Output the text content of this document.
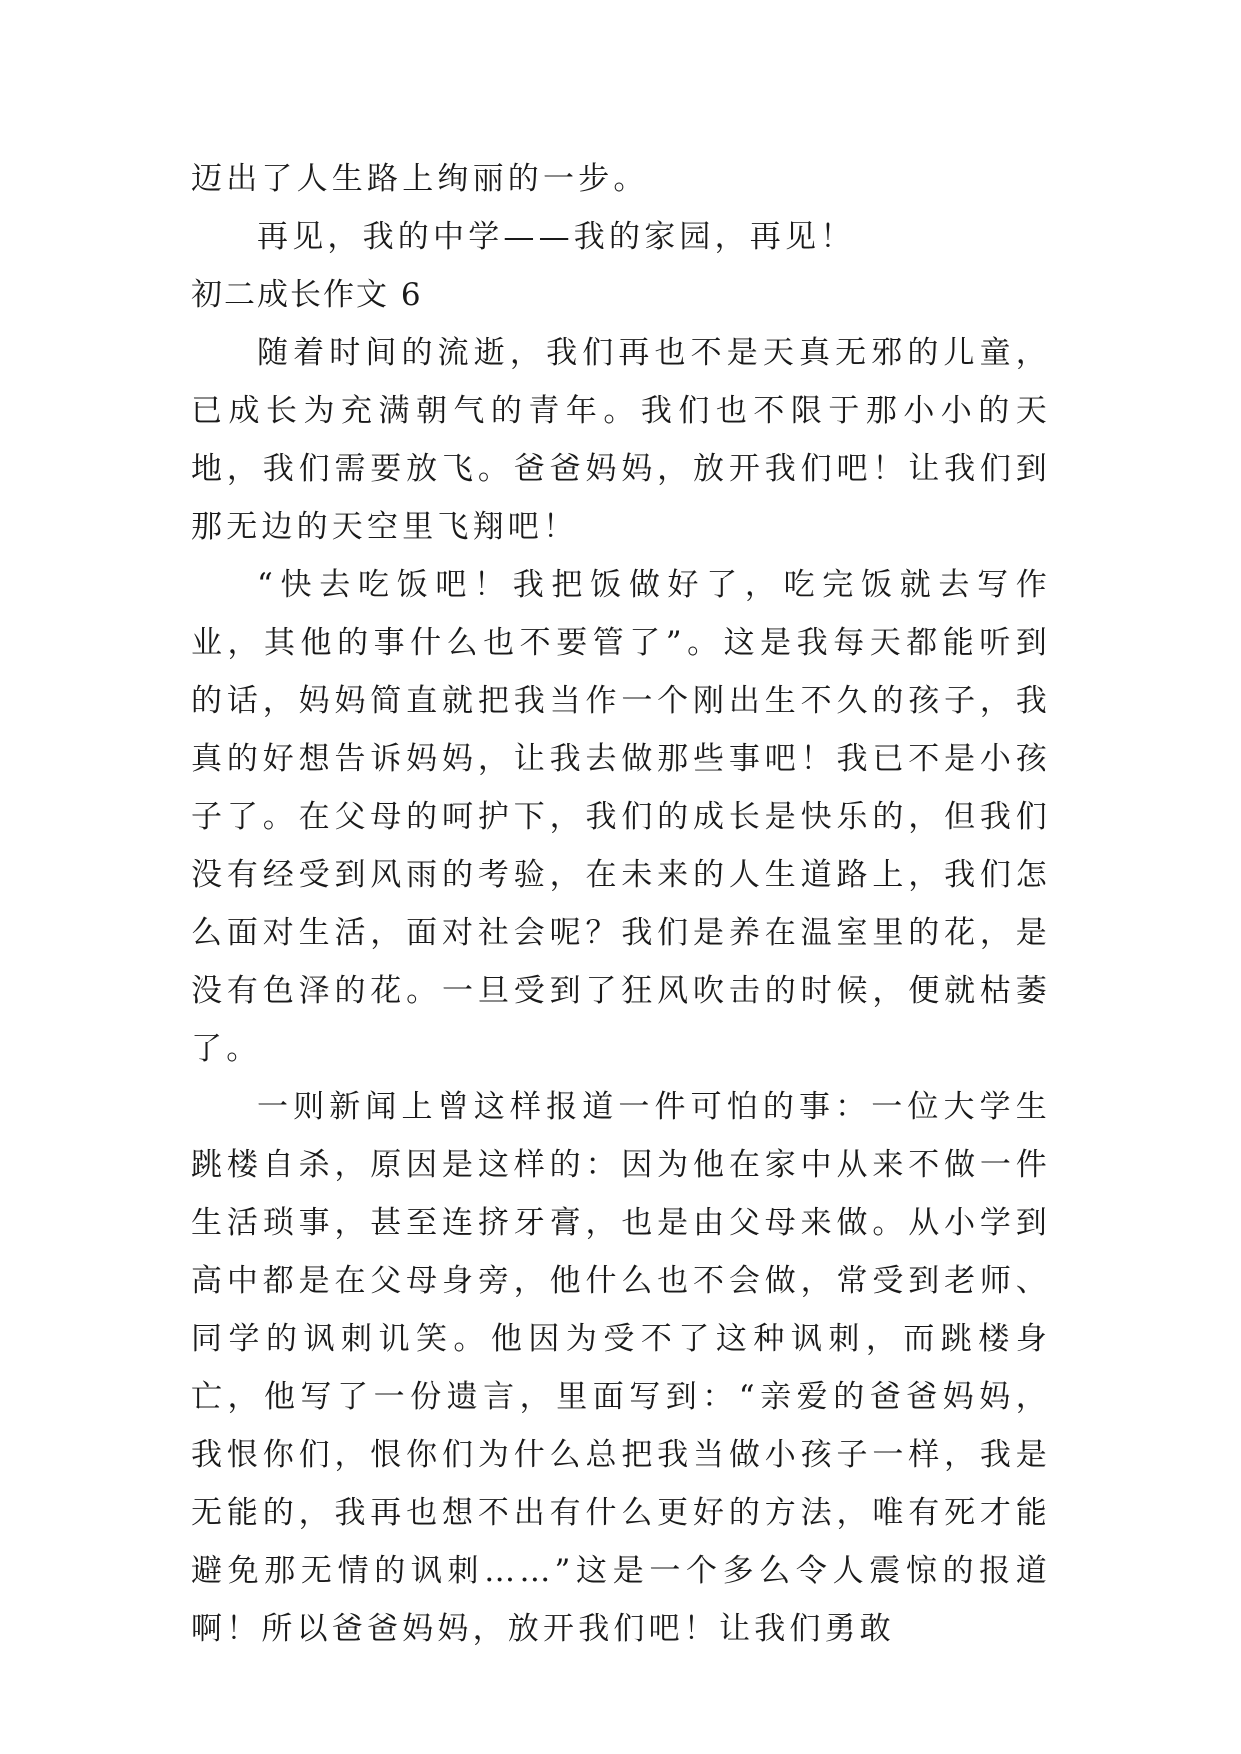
迈出了人生路上绚丽的一步。

再见，我的中学——我的家园，再见！

初二成长作文 6

随着时间的流逝，我们再也不是天真无邪的儿童，已成长为充满朝气的青年。我们也不限于那小小的天地，我们需要放飞。爸爸妈妈，放开我们吧！让我们到那无边的天空里飞翔吧！

“快去吃饭吧！我把饭做好了，吃完饭就去写作业，其他的事什么也不要管了”。这是我每天都能听到的话，妈妈简直就把我当作一个刚出生不久的孩子，我真的好想告诉妈妈，让我去做那些事吧！我已不是小孩子了。在父母的呵护下，我们的成长是快乐的，但我们没有经受到风雨的考验，在未来的人生道路上，我们怎么面对生活，面对社会呢？我们是养在温室里的花，是没有色泽的花。一旦受到了狂风吹击的时候，便就枯萎了。

一则新闻上曾这样报道一件可怕的事：一位大学生跳楼自杀，原因是这样的：因为他在家中从来不做一件生活琐事，甚至连挤牙膏，也是由父母来做。从小学到高中都是在父母身旁，他什么也不会做，常受到老师、同学的讽刺讥笑。他因为受不了这种讽刺，而跳楼身亡，他写了一份遗言，里面写到：“亲爱的爸爸妈妈，我恨你们，恨你们为什么总把我当做小孩子一样，我是无能的，我再也想不出有什么更好的方法，唯有死才能避免那无情的讽刺……”这是一个多么令人震惊的报道啊！所以爸爸妈妈，放开我们吧！让我们勇敢
